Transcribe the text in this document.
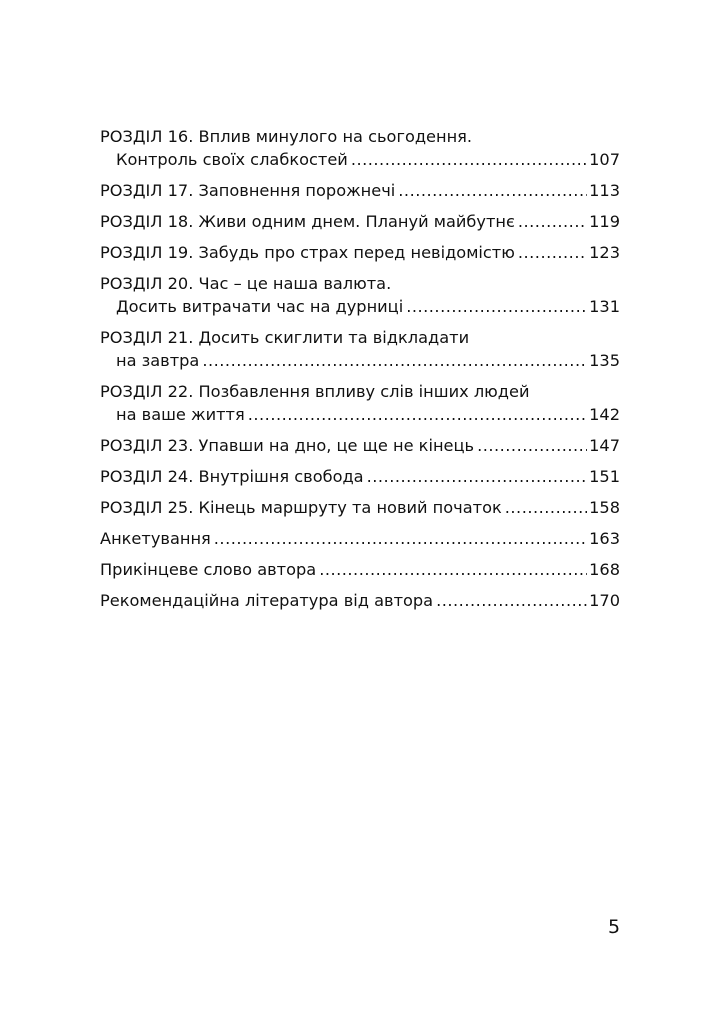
РОЗДІЛ 16. Вплив минулого на сьогодення.
Контроль своїх слабкостей .....	107
РОЗДІЛ 17. Заповнення порожнечі .....	113
РОЗДІЛ 18. Живи одним днем. Плануй майбутнє .....	119
РОЗДІЛ 19. Забудь про страх перед невідомістю .....	123
РОЗДІЛ 20. Час – це наша валюта.
Досить витрачати час на дурниці .....	131
РОЗДІЛ 21. Досить скиглити та відкладати
на завтра .....	135
РОЗДІЛ 22. Позбавлення впливу слів інших людей
на ваше життя .....	142
РОЗДІЛ 23. Упавши на дно, це ще не кінець .....	147
РОЗДІЛ 24. Внутрішня свобода .....	151
РОЗДІЛ 25. Кінець маршруту та новий початок .....	158
Анкетування .....	163
Прикінцеве слово автора .....	168
Рекомендаційна література від автора .....	170
5
